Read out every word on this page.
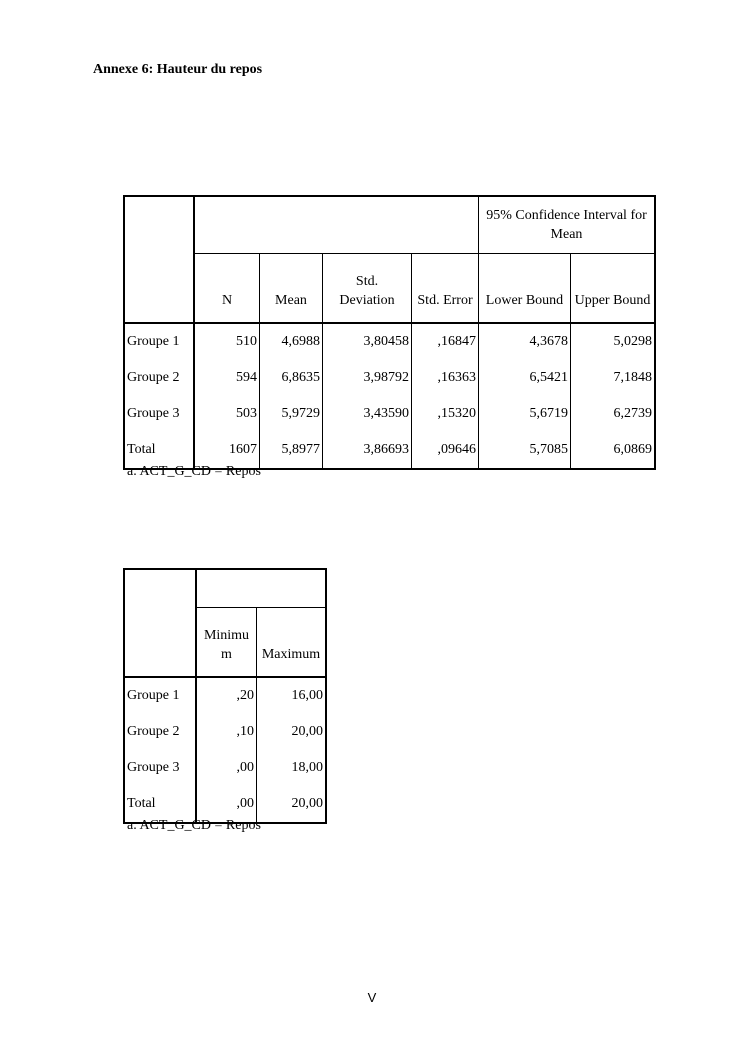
Annexe 6: Hauteur du repos
					95% Confidence Interval for Mean	
	N	Mean	Std. Deviation	Std. Error	Lower Bound	Upper Bound
Groupe 1	510	4,6988	3,80458	,16847	4,3678	5,0298
Groupe 2	594	6,8635	3,98792	,16363	6,5421	7,1848
Groupe 3	503	5,9729	3,43590	,15320	5,6719	6,2739
Total	1607	5,8977	3,86693	,09646	5,7085	6,0869
a. ACT_G_CD = Repos

	Minimum	Maximum
Groupe 1	,20	16,00
Groupe 2	,10	20,00
Groupe 3	,00	18,00
Total	,00	20,00
a. ACT_G_CD = Repos
V
